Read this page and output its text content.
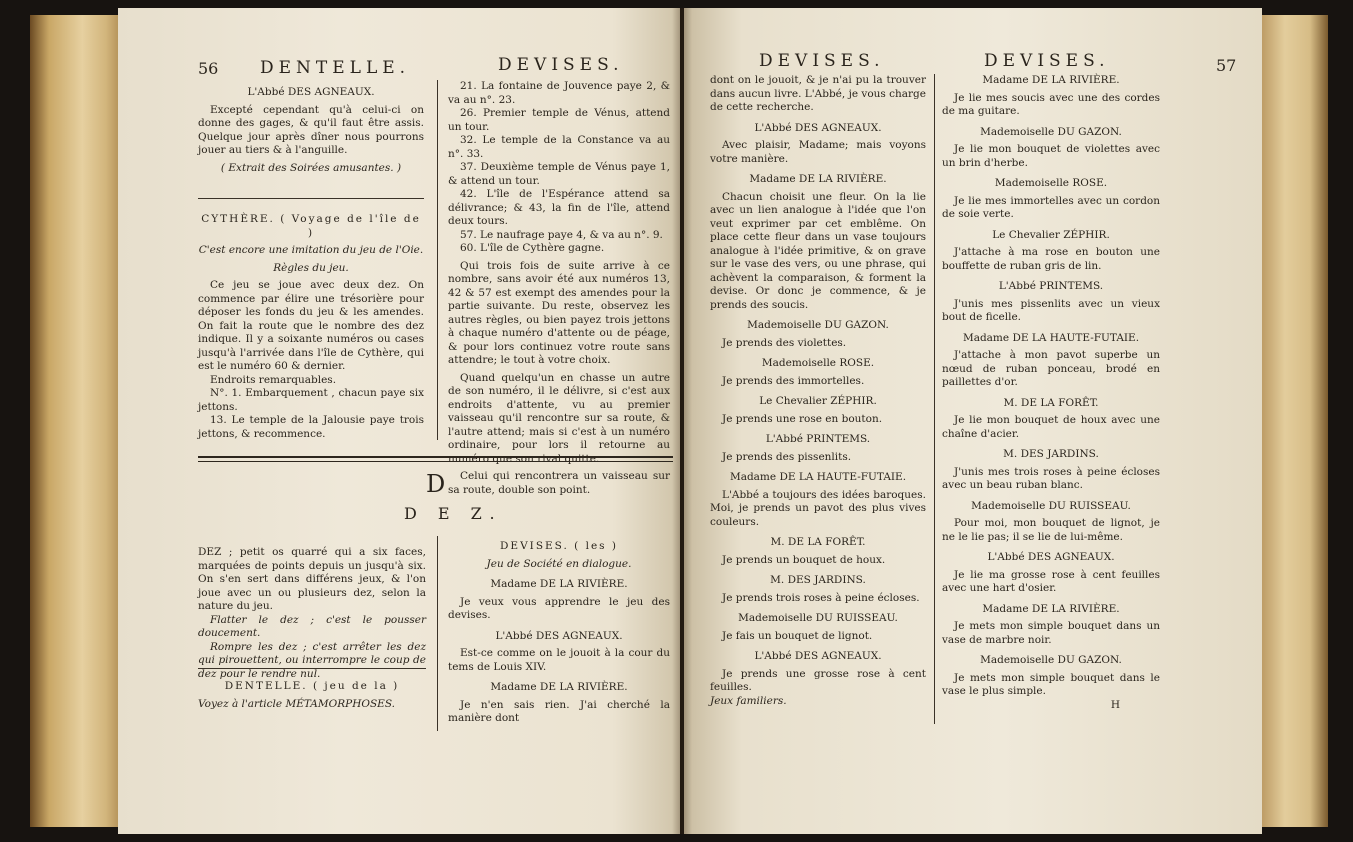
56 DENTELLE.	DEVISES.

L'Abbé DES AGNEAUX.

Excepté cependant qu'à celui-ci on donne des gages, & qu'il faut être assis. Quelque jour après dîner nous pourrons jouer au tiers & à l'anguille.

( Extrait des Soirées amusantes. )

CYTHÈRE. ( Voyage de l'île de )

C'est encore une imitation du jeu de l'Oie.

Règles du jeu.

Ce jeu se joue avec deux dez. On commence par élire une trésorière pour déposer les fonds du jeu & les amendes. On fait la route que le nombre des dez indique. Il y a soixante numéros ou cases jusqu'à l'arrivée dans l'île de Cythère, qui est le numéro 60 & dernier.

Endroits remarquables.

N°. 1. Embarquement , chacun paye six jettons.

13. Le temple de la Jalousie paye trois jettons, & recommence.

21. La fontaine de Jouvence paye 2, & va au n°. 23.

26. Premier temple de Vénus, attend un tour.

32. Le temple de la Constance va au n°. 33.

37. Deuxième temple de Vénus paye 1, & attend un tour.

42. L'île de l'Espérance attend sa délivrance; & 43, la fin de l'île, attend deux tours.

57. Le naufrage paye 4, & va au n°. 9.

60. L'île de Cythère gagne.

Qui trois fois de suite arrive à ce nombre, sans avoir été aux numéros 13, 42 & 57 est exempt des amendes pour la partie suivante. Du reste, observez les autres règles, ou bien payez trois jettons à chaque numéro d'attente ou de péage, & pour lors continuez votre route sans attendre; le tout à votre choix.

Quand quelqu'un en chasse un autre de son numéro, il le délivre, si c'est aux endroits d'attente, vu au premier vaisseau qu'il rencontre sur sa route, & l'autre attend; mais si c'est à un numéro ordinaire, pour lors il retourne au numéro que son rival quitte.

Celui qui rencontrera un vaisseau sur sa route, double son point.

D
D E Z.

DEZ ; petit os quarré qui a six faces, marquées de points depuis un jusqu'à six. On s'en sert dans différens jeux, & l'on joue avec un ou plusieurs dez, selon la nature du jeu.

Flatter le dez ; c'est le pousser doucement.

Rompre les dez ; c'est arrêter les dez qui pirouettent, ou interrompre le coup de dez pour le rendre nul.

DENTELLE. ( jeu de la )

Voyez à l'article MÉTAMORPHOSES.

DEVISES. ( les )

Jeu de Société en dialogue.

Madame DE LA RIVIÈRE.

Je veux vous apprendre le jeu des devises.

L'Abbé DES AGNEAUX.

Est-ce comme on le jouoit à la cour du tems de Louis XIV.

Madame DE LA RIVIÈRE.

Je n'en sais rien. J'ai cherché la manière dont

DEVISES.	DEVISES.	57

dont on le jouoit, & je n'ai pu la trouver dans aucun livre. L'Abbé, je vous charge de cette recherche.

L'Abbé DES AGNEAUX.

Avec plaisir, Madame; mais voyons votre manière.

Madame DE LA RIVIÈRE.

Chacun choisit une fleur. On la lie avec un lien analogue à l'idée que l'on veut exprimer par cet emblême. On place cette fleur dans un vase toujours analogue à l'idée primitive, & on grave sur le vase des vers, ou une phrase, qui achèvent la comparaison, & forment la devise. Or donc je commence, & je prends des soucis.

Mademoiselle DU GAZON.

Je prends des violettes.

Mademoiselle ROSE.

Je prends des immortelles.

Le Chevalier ZÉPHIR.

Je prends une rose en bouton.

L'Abbé PRINTEMS.

Je prends des pissenlits.

Madame DE LA HAUTE-FUTAIE.

L'Abbé a toujours des idées baroques. Moi, je prends un pavot des plus vives couleurs.

M. DE LA FORÊT.

Je prends un bouquet de houx.

M. DES JARDINS.

Je prends trois roses à peine écloses.

Mademoiselle DU RUISSEAU.

Je fais un bouquet de lignot.

L'Abbé DES AGNEAUX.

Je prends une grosse rose à cent feuilles.

Jeux familiers.

Madame DE LA RIVIÈRE.

Je lie mes soucis avec une des cordes de ma guitare.

Mademoiselle DU GAZON.

Je lie mon bouquet de violettes avec un brin d'herbe.

Mademoiselle ROSE.

Je lie mes immortelles avec un cordon de soie verte.

Le Chevalier ZÉPHIR.

J'attache à ma rose en bouton une bouffette de ruban gris de lin.

L'Abbé PRINTEMS.

J'unis mes pissenlits avec un vieux bout de ficelle.

Madame DE LA HAUTE-FUTAIE.

J'attache à mon pavot superbe un nœud de ruban ponceau, brodé en paillettes d'or.

M. DE LA FORÊT.

Je lie mon bouquet de houx avec une chaîne d'acier.

M. DES JARDINS.

J'unis mes trois roses à peine écloses avec un beau ruban blanc.

Mademoiselle DU RUISSEAU.

Pour moi, mon bouquet de lignot, je ne le lie pas; il se lie de lui-même.

L'Abbé DES AGNEAUX.

Je lie ma grosse rose à cent feuilles avec une hart d'osier.

Madame DE LA RIVIÈRE.

Je mets mon simple bouquet dans un vase de marbre noir.

Mademoiselle DU GAZON.

Je mets mon simple bouquet dans le vase le plus simple.

H
